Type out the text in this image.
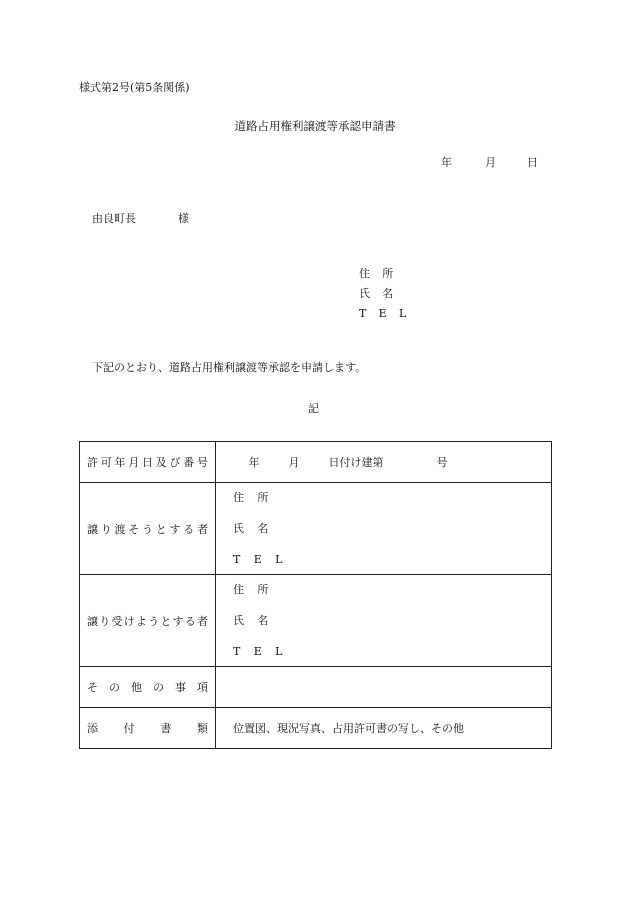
様式第2号(第5条関係)
道路占用権利譲渡等承認申請書
年	月	日
由良町長	様
住 所
氏 名
T E L
下記のとおり、道路占用権利譲渡等承認を申請します。
記
許可年月日及び番号	年 月 日付け建第 号

譲り渡そうとする者	住 所
氏 名
T E L

譲り受けようとする者	住 所
氏 名
T E L

その他の事項	

添付書類	位置図、現況写真、占用許可書の写し、その他
